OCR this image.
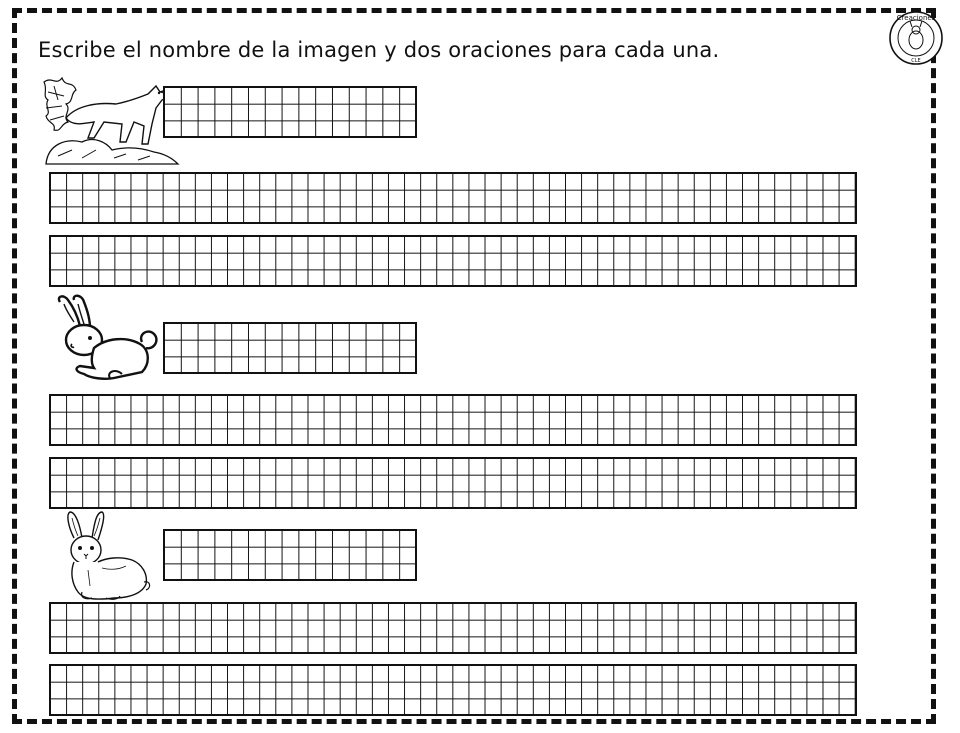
Escribe el nombre de la imagen y dos oraciones para cada una.
Creaciones
CLE
